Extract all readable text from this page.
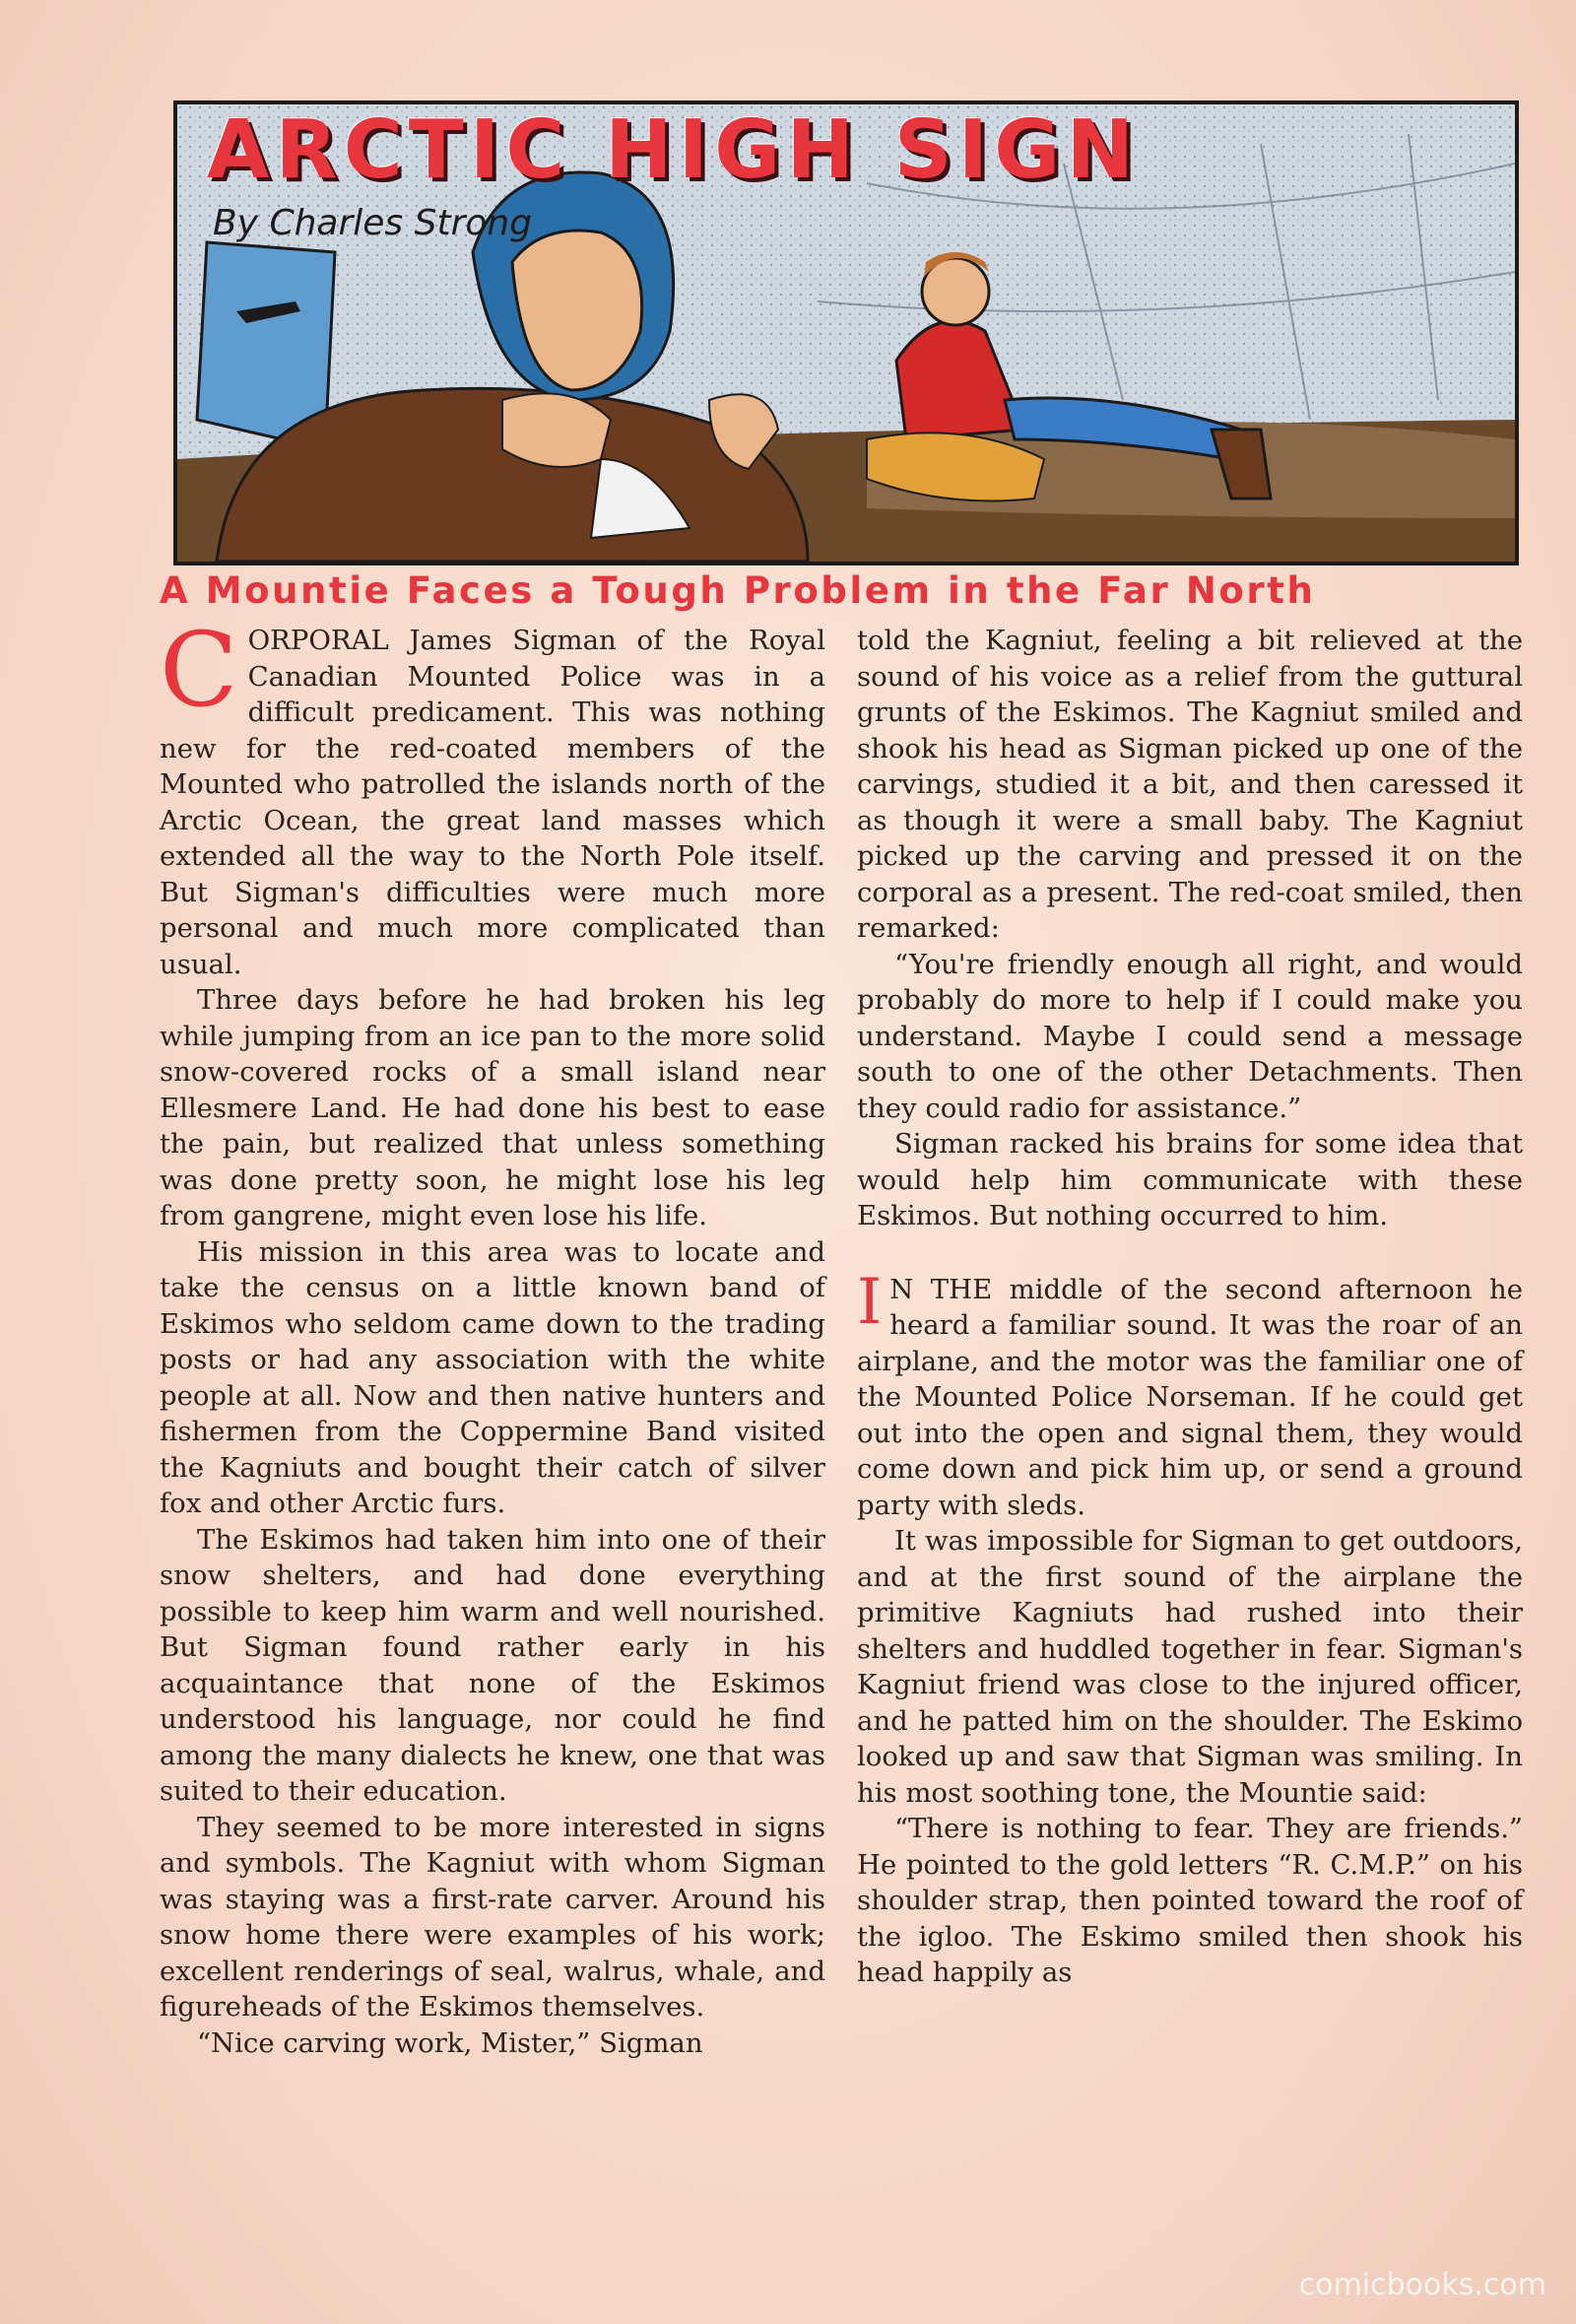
ARCTIC HIGH SIGN
By Charles Strong
A Mountie Faces a Tough Problem in the Far North

CORPORAL James Sigman of the Royal Canadian Mounted Police was in a difficult predicament. This was nothing new for the red-coated members of the Mounted who patrolled the islands north of the Arctic Ocean, the great land masses which extended all the way to the North Pole itself. But Sigman's difficulties were much more personal and much more complicated than usual.

Three days before he had broken his leg while jumping from an ice pan to the more solid snow-covered rocks of a small island near Ellesmere Land. He had done his best to ease the pain, but realized that unless something was done pretty soon, he might lose his leg from gangrene, might even lose his life.

His mission in this area was to locate and take the census on a little known band of Eskimos who seldom came down to the trading posts or had any association with the white people at all. Now and then native hunters and fishermen from the Coppermine Band visited the Kagniuts and bought their catch of silver fox and other Arctic furs.

The Eskimos had taken him into one of their snow shelters, and had done everything possible to keep him warm and well nourished. But Sigman found rather early in his acquaintance that none of the Eskimos understood his language, nor could he find among the many dialects he knew, one that was suited to their education.

They seemed to be more interested in signs and symbols. The Kagniut with whom Sigman was staying was a first-rate carver. Around his snow home there were examples of his work; excellent renderings of seal, walrus, whale, and figureheads of the Eskimos themselves.

“Nice carving work, Mister,” Sigman

told the Kagniut, feeling a bit relieved at the sound of his voice as a relief from the guttural grunts of the Eskimos. The Kagniut smiled and shook his head as Sigman picked up one of the carvings, studied it a bit, and then caressed it as though it were a small baby. The Kagniut picked up the carving and pressed it on the corporal as a present. The red-coat smiled, then remarked:

“You're friendly enough all right, and would probably do more to help if I could make you understand. Maybe I could send a message south to one of the other Detachments. Then they could radio for assistance.”

Sigman racked his brains for some idea that would help him communicate with these Eskimos. But nothing occurred to him.

I N THE middle of the second afternoon he heard a familiar sound. It was the roar of an airplane, and the motor was the familiar one of the Mounted Police Norseman. If he could get out into the open and signal them, they would come down and pick him up, or send a ground party with sleds.

It was impossible for Sigman to get outdoors, and at the first sound of the airplane the primitive Kagniuts had rushed into their shelters and huddled together in fear. Sigman's Kagniut friend was close to the injured officer, and he patted him on the shoulder. The Eskimo looked up and saw that Sigman was smiling. In his most soothing tone, the Mountie said:

“There is nothing to fear. They are friends.” He pointed to the gold letters “R. C.M.P.” on his shoulder strap, then pointed toward the roof of the igloo. The Eskimo smiled then shook his head happily as

comicbooks.com
